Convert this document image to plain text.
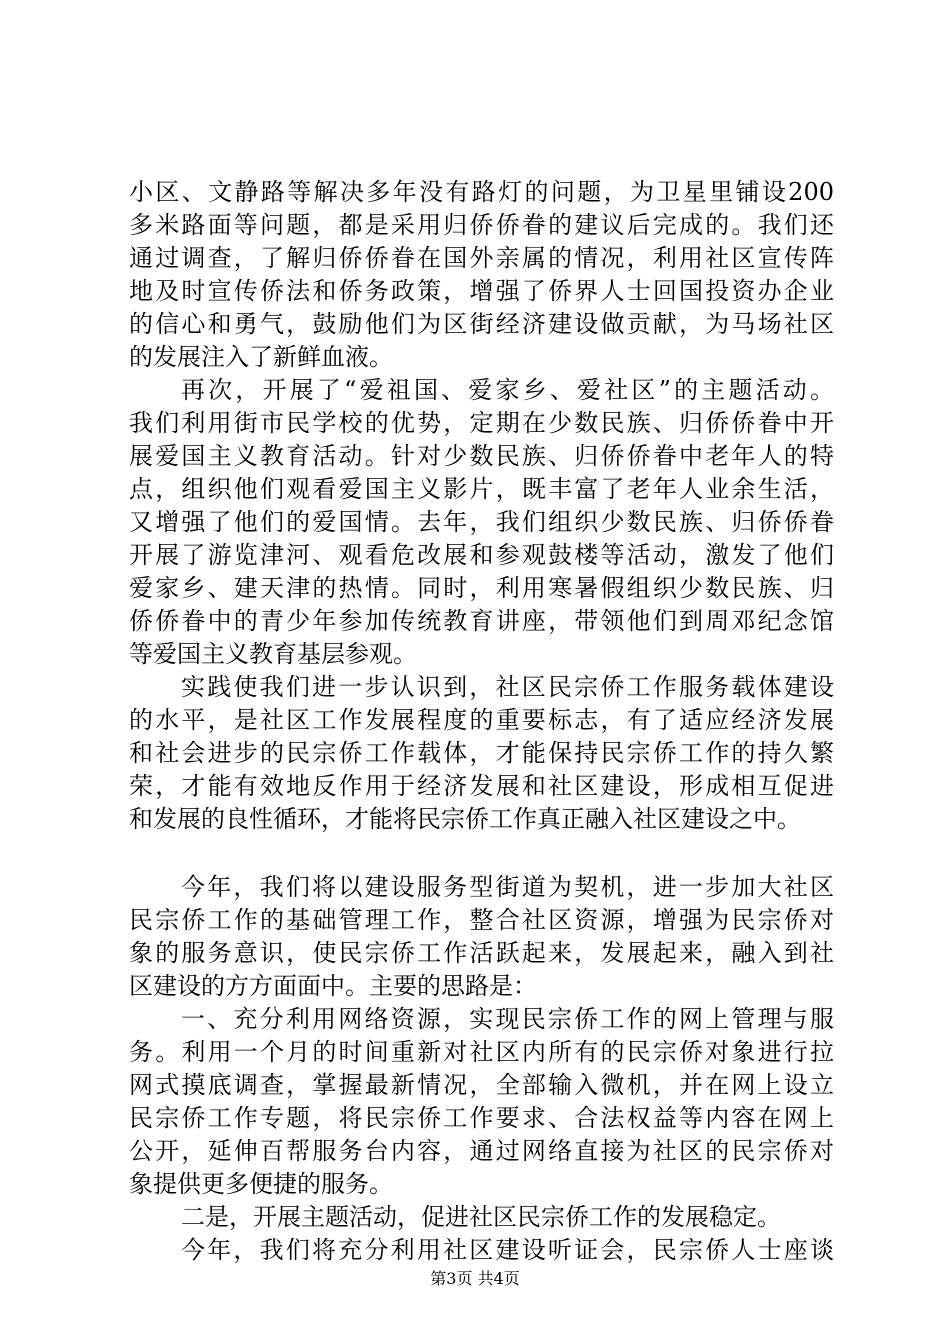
小区、文静路等解决多年没有路灯的问题，为卫星里铺设200
多米路面等问题，都是采用归侨侨眷的建议后完成的。我们还
通过调查，了解归侨侨眷在国外亲属的情况，利用社区宣传阵
地及时宣传侨法和侨务政策，增强了侨界人士回国投资办企业
的信心和勇气，鼓励他们为区街经济建设做贡献，为马场社区
的发展注入了新鲜血液。
再次，开展了“爱祖国、爱家乡、爱社区”的主题活动。
我们利用街市民学校的优势，定期在少数民族、归侨侨眷中开
展爱国主义教育活动。针对少数民族、归侨侨眷中老年人的特
点，组织他们观看爱国主义影片，既丰富了老年人业余生活，
又增强了他们的爱国情。去年，我们组织少数民族、归侨侨眷
开展了游览津河、观看危改展和参观鼓楼等活动，激发了他们
爱家乡、建天津的热情。同时，利用寒暑假组织少数民族、归
侨侨眷中的青少年参加传统教育讲座，带领他们到周邓纪念馆
等爱国主义教育基层参观。
实践使我们进一步认识到，社区民宗侨工作服务载体建设
的水平，是社区工作发展程度的重要标志，有了适应经济发展
和社会进步的民宗侨工作载体，才能保持民宗侨工作的持久繁
荣，才能有效地反作用于经济发展和社区建设，形成相互促进
和发展的良性循环，才能将民宗侨工作真正融入社区建设之中。
今年，我们将以建设服务型街道为契机，进一步加大社区
民宗侨工作的基础管理工作，整合社区资源，增强为民宗侨对
象的服务意识，使民宗侨工作活跃起来，发展起来，融入到社
区建设的方方面面中。主要的思路是：
一、充分利用网络资源，实现民宗侨工作的网上管理与服
务。利用一个月的时间重新对社区内所有的民宗侨对象进行拉
网式摸底调查，掌握最新情况，全部输入微机，并在网上设立
民宗侨工作专题，将民宗侨工作要求、合法权益等内容在网上
公开，延伸百帮服务台内容，通过网络直接为社区的民宗侨对
象提供更多便捷的服务。
二是，开展主题活动，促进社区民宗侨工作的发展稳定。
今年，我们将充分利用社区建设听证会，民宗侨人士座谈
第3页 共4页
